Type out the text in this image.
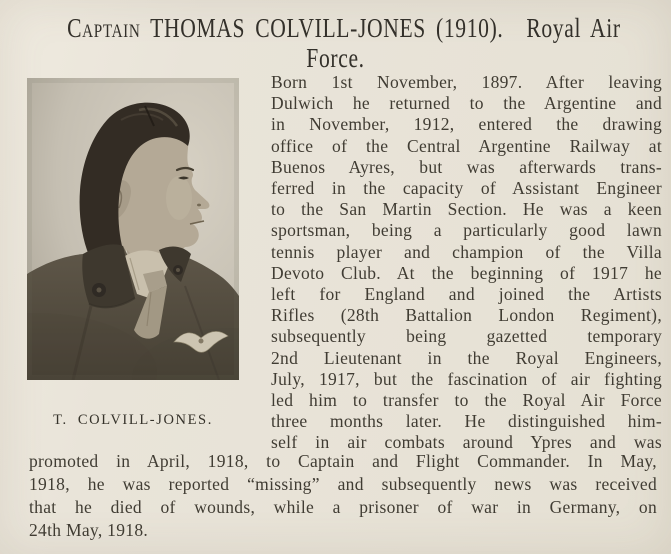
Captain THOMAS COLVILL-JONES (1910). Royal Air
Force.
T. COLVILL-JONES.
Born 1st November, 1897. After leaving
Dulwich he returned to the Argentine and
in November, 1912, entered the drawing
office of the Central Argentine Railway at
Buenos Ayres, but was afterwards trans-
ferred in the capacity of Assistant Engineer
to the San Martin Section. He was a keen
sportsman, being a particularly good lawn
tennis player and champion of the Villa
Devoto Club. At the beginning of 1917 he
left for England and joined the Artists
Rifles (28th Battalion London Regiment),
subsequently being gazetted temporary
2nd Lieutenant in the Royal Engineers,
July, 1917, but the fascination of air fighting
led him to transfer to the Royal Air Force
three months later. He distinguished him-
self in air combats around Ypres and was
promoted in April, 1918, to Captain and Flight Commander. In May,
1918, he was reported “missing” and subsequently news was received
that he died of wounds, while a prisoner of war in Germany, on
24th May, 1918.
